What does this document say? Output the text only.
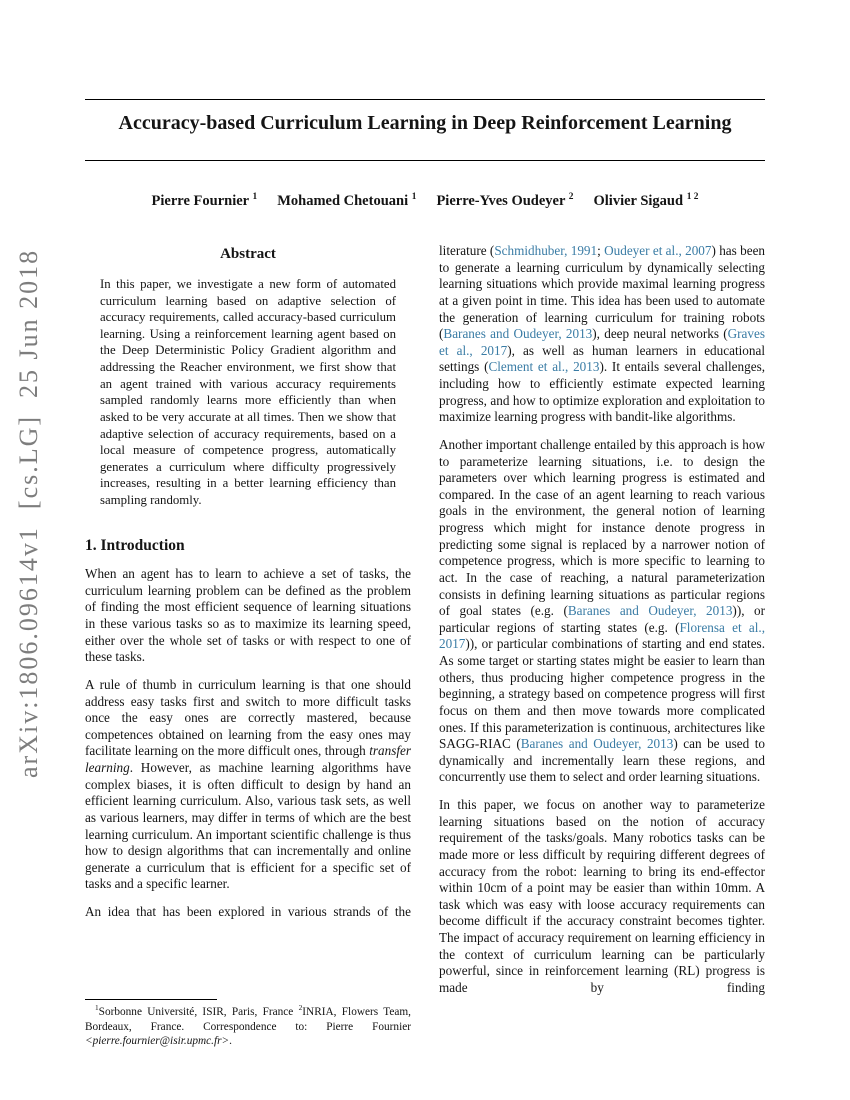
arXiv:1806.09614v1  [cs.LG]  25 Jun 2018
Accuracy-based Curriculum Learning in Deep Reinforcement Learning
Pierre Fournier $^1$ Mohamed Chetouani $^1$ Pierre-Yves Oudeyer $^2$ Olivier Sigaud $^{1 2}$
Abstract

In this paper, we investigate a new form of automated curriculum learning based on adaptive selection of accuracy requirements, called accuracy-based curriculum learning. Using a reinforcement learning agent based on the Deep Deterministic Policy Gradient algorithm and addressing the Reacher environment, we first show that an agent trained with various accuracy requirements sampled randomly learns more efficiently than when asked to be very accurate at all times. Then we show that adaptive selection of accuracy requirements, based on a local measure of competence progress, automatically generates a curriculum where difficulty progressively increases, resulting in a better learning efficiency than sampling randomly.

1. Introduction

When an agent has to learn to achieve a set of tasks, the curriculum learning problem can be defined as the problem of finding the most efficient sequence of learning situations in these various tasks so as to maximize its learning speed, either over the whole set of tasks or with respect to one of these tasks.

A rule of thumb in curriculum learning is that one should address easy tasks first and switch to more difficult tasks once the easy ones are correctly mastered, because competences obtained on learning from the easy ones may facilitate learning on the more difficult ones, through transfer learning. However, as machine learning algorithms have complex biases, it is often difficult to design by hand an efficient learning curriculum. Also, various task sets, as well as various learners, may differ in terms of which are the best learning curriculum. An important scientific challenge is thus how to design algorithms that can incrementally and online generate a curriculum that is efficient for a specific set of tasks and a specific learner.

An idea that has been explored in various strands of the

$^1$Sorbonne Université, ISIR, Paris, France $^2$INRIA, Flowers Team, Bordeaux, France. Correspondence to: Pierre Fournier <pierre.fournier@isir.upmc.fr>.

literature (Schmidhuber, 1991; Oudeyer et al., 2007) has been to generate a learning curriculum by dynamically selecting learning situations which provide maximal learning progress at a given point in time. This idea has been used to automate the generation of learning curriculum for training robots (Baranes and Oudeyer, 2013), deep neural networks (Graves et al., 2017), as well as human learners in educational settings (Clement et al., 2013). It entails several challenges, including how to efficiently estimate expected learning progress, and how to optimize exploration and exploitation to maximize learning progress with bandit-like algorithms.

Another important challenge entailed by this approach is how to parameterize learning situations, i.e. to design the parameters over which learning progress is estimated and compared. In the case of an agent learning to reach various goals in the environment, the general notion of learning progress which might for instance denote progress in predicting some signal is replaced by a narrower notion of competence progress, which is more specific to learning to act. In the case of reaching, a natural parameterization consists in defining learning situations as particular regions of goal states (e.g. (Baranes and Oudeyer, 2013)), or particular regions of starting states (e.g. (Florensa et al., 2017)), or particular combinations of starting and end states. As some target or starting states might be easier to learn than others, thus producing higher competence progress in the beginning, a strategy based on competence progress will first focus on them and then move towards more complicated ones. If this parameterization is continuous, architectures like SAGG-RIAC (Baranes and Oudeyer, 2013) can be used to dynamically and incrementally learn these regions, and concurrently use them to select and order learning situations.

In this paper, we focus on another way to parameterize learning situations based on the notion of accuracy requirement of the tasks/goals. Many robotics tasks can be made more or less difficult by requiring different degrees of accuracy from the robot: learning to bring its end-effector within 10cm of a point may be easier than within 10mm. A task which was easy with loose accuracy requirements can become difficult if the accuracy constraint becomes tighter. The impact of accuracy requirement on learning efficiency in the context of curriculum learning can be particularly powerful, since in reinforcement learning (RL) progress is made by finding
